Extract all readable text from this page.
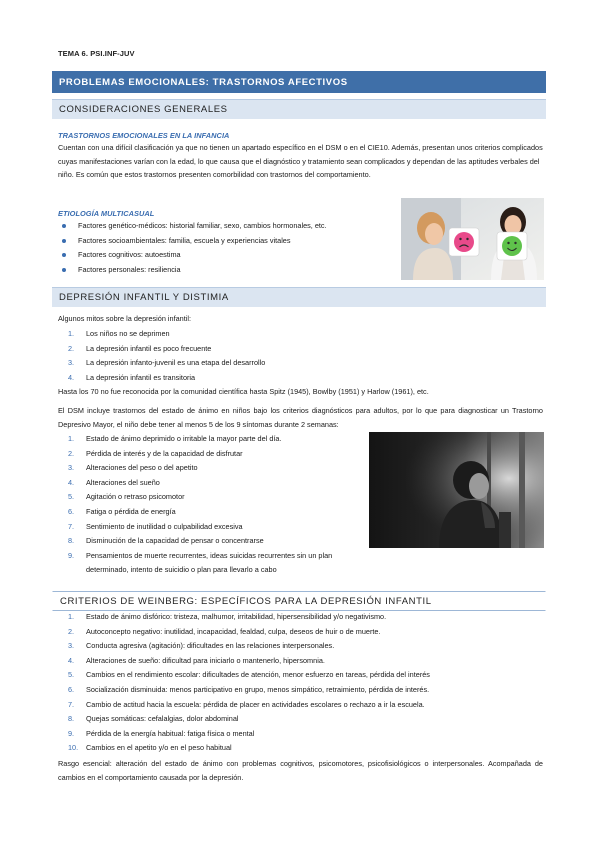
TEMA 6. PSI.INF-JUV
PROBLEMAS EMOCIONALES: TRASTORNOS AFECTIVOS
CONSIDERACIONES GENERALES
TRASTORNOS EMOCIONALES EN LA INFANCIA
Cuentan con una difícil clasificación ya que no tienen un apartado específico en el DSM o en el CIE10. Además, presentan unos criterios complicados cuyas manifestaciones varían con la edad, lo que causa que el diagnóstico y tratamiento sean complicados y dependan de las aptitudes verbales del niño. Es común que estos trastornos presenten comorbilidad con trastornos del comportamiento.
ETIOLOGÍA MULTICASUAL
Factores genético-médicos: historial familiar, sexo, cambios hormonales, etc.
Factores socioambientales: familia, escuela y experiencias vitales
Factores cognitivos: autoestima
Factores personales: resiliencia
DEPRESIÓN INFANTIL Y DISTIMIA
Algunos mitos sobre la depresión infantil:
1. Los niños no se deprimen
2. La depresión infantil es poco frecuente
3. La depresión infanto-juvenil es una etapa del desarrollo
4. La depresión infantil es transitoria
Hasta los 70 no fue reconocida por la comunidad científica hasta Spitz (1945), Bowlby (1951) y Harlow (1961), etc.
El DSM incluye trastornos del estado de ánimo en niños bajo los criterios diagnósticos para adultos, por lo que para diagnosticar un Trastorno Depresivo Mayor, el niño debe tener al menos 5 de los 9 síntomas durante 2 semanas:
1. Estado de ánimo deprimido o irritable la mayor parte del día.
2. Pérdida de interés y de la capacidad de disfrutar
3. Alteraciones del peso o del apetito
4. Alteraciones del sueño
5. Agitación o retraso psicomotor
6. Fatiga o pérdida de energía
7. Sentimiento de inutilidad o culpabilidad excesiva
8. Disminución de la capacidad de pensar o concentrarse
9. Pensamientos de muerte recurrentes, ideas suicidas recurrentes sin un plan determinado, intento de suicidio o plan para llevarlo a cabo
CRITERIOS DE WEINBERG: ESPECÍFICOS PARA LA DEPRESIÓN INFANTIL
1. Estado de ánimo disfórico: tristeza, malhumor, irritabilidad, hipersensibilidad y/o negativismo.
2. Autoconcepto negativo: inutilidad, incapacidad, fealdad, culpa, deseos de huir o de muerte.
3. Conducta agresiva (agitación): dificultades en las relaciones interpersonales.
4. Alteraciones de sueño: dificultad para iniciarlo o mantenerlo, hipersomnia.
5. Cambios en el rendimiento escolar: dificultades de atención, menor esfuerzo en tareas, pérdida del interés
6. Socialización disminuida: menos participativo en grupo, menos simpático, retraimiento, pérdida de interés.
7. Cambio de actitud hacia la escuela: pérdida de placer en actividades escolares o rechazo a ir la escuela.
8. Quejas somáticas: cefalalgias, dolor abdominal
9. Pérdida de la energía habitual: fatiga física o mental
10. Cambios en el apetito y/o en el peso habitual
Rasgo esencial: alteración del estado de ánimo con problemas cognitivos, psicomotores, psicofisiológicos o interpersonales. Acompañada de cambios en el comportamiento causada por la depresión.
